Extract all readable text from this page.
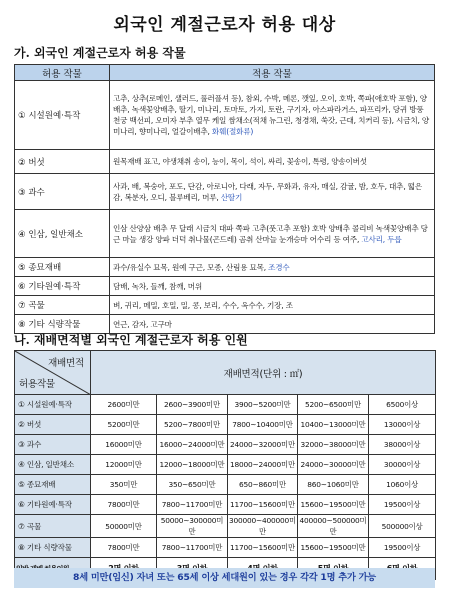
외국인 계절근로자 허용 대상
가. 외국인 계절근로자 허용 작물
허용 작물	적용 작물
① 시설원예·특작	고추, 상추(로메인, 샐러드, 풀러플셔 등), 참외, 수박, 메론, 깻잎, 오이, 호박, 쪽파(애호박 포함), 양배추, 녹색꽃양배추, 딸기, 미나리, 토마토, 가지, 토란, 구기자, 아스파라거스, 파프리카, 당귀 방풍 천궁 백선피, 오미자 부추 열무 케일 쌈채소(적채 뉴그린, 청경채, 쑥갓, 근대, 치커리 등), 시금치, 양미나리, 향미나리, 얼갈이배추, 화훼(절화류)
② 버섯	원목재배 표고, 야생채취 송이, 능이, 목이, 석이, 싸리, 꽃송이, 톡령, 양송이버섯
③ 과수	사과, 배, 복숭아, 포도, 단감, 아로니아, 다래, 자두, 무화과, 유자, 매실, 감귤, 밤, 호두, 대추, 떫은감, 복분자, 오디, 블루베리, 머루, 산딸기
④ 인삼, 일반채소	인삼 산양삼 배추 무 달래 시금치 대파 쪽파 고추(풋고추 포함) 호박 양배추 콜리비 녹색꽃양배추 당근 마늘 생강 양파 더덕 취나물(곤드레) 곰취 산마늘 눈개승마 어수리 등 여주, 고사리, 두릅
⑤ 종묘재배	과수/유실수 묘목, 원예 구근, 모종, 산림용 묘목, 조경수
⑥ 기타원예·특작	담배, 녹차, 들깨, 참깨, 머위
⑦ 곡물	벼, 귀리, 메밀, 호밀, 밀, 콩, 보리, 수수, 옥수수, 기장, 조
⑧ 기타 식량작물	연근, 감자, 고구마
나. 재배면적별 외국인 계절근로자 허용 인원
재배면적
허용작물	재배면적(단위 : ㎡)				
① 시설원예·특작	2600미만	2600~3900미만	3900~5200미만	5200~6500미만	6500이상
② 버섯	5200미만	5200~7800미만	7800~10400미만	10400~13000미만	13000이상
③ 과수	16000미만	16000~24000미만	24000~32000미만	32000~38000미만	38000이상
④ 인삼, 일반채소	12000미만	12000~18000미만	18000~24000미만	24000~30000미만	30000이상
⑤ 종묘재배	350미만	350~650미만	650~860미만	860~1060미만	1060이상
⑥ 기타원예·특작	7800미만	7800~11700미만	11700~15600미만	15600~19500미만	19500이상
⑦ 곡물	50000미만	50000~300000미만	300000~400000미만	400000~500000미만	500000이상
⑧ 기타 식량작물	7800미만	7800~11700미만	11700~15600미만	15600~19500미만	19500이상

8세 미만(임신) 자녀 또는 65세 이상 세대원이 있는 경우 각각 1명 추가 가능
